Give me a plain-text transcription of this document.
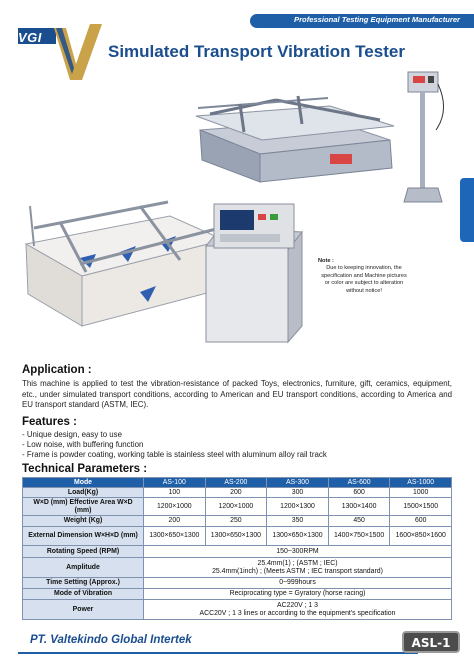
Professional Testing Equipment Manufacturer
VGI
Simulated Transport Vibration Tester
Note :
Due to keeping innovation, the specification and Machine pictures or color are subject to alteration without notice!
Application :

This machine is applied to test the vibration-resistance of packed Toys, electronics, furniture, gift, ceramics, equipment, etc., under simulated transport conditions, according to American and EU transport conditions, according to America and EU transport standard (ASTM, IEC).

Features :
- Unique design, easy to use
- Low noise, with buffering function
- Frame is powder coating, working table is stainless steel with aluminum alloy rail track
Technical Parameters :
Mode	AS-100	AS-200	AS-300	AS-600	AS-1000
Load(Kg)	100	200	300	600	1000
W×D (mm) Effective Area W×D (mm)	1200×1000	1200×1000	1200×1300	1300×1400	1500×1500
Weight (Kg)	200	250	350	450	600
External Dimension W×H×D (mm)	1300×650×1300	1300×650×1300	1300×650×1300	1400×750×1500	1600×850×1600
Rotating Speed (RPM)	150~300RPM				
Amplitude	25.4mm(1) ; (ASTM ; IEC)
25.4mm(1inch) ; (Meets ASTM ; IEC transport standard)				

Time Setting (Approx.)	0~999hours				
Mode of Vibration	Reciprocating type = Gyratory (horse racing)				
Power	AC220V ; 1 3
ACC20V ; 1 3 lines or according to the equipment's specification				
PT. Valtekindo Global Intertek	ASL-1
